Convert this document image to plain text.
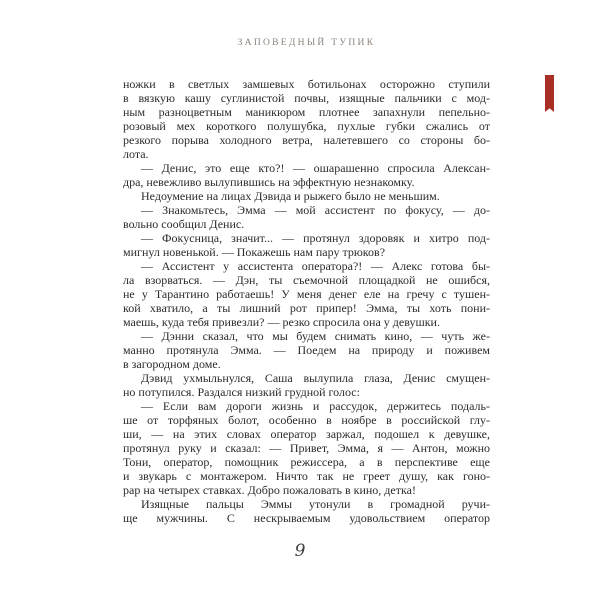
ЗАПОВЕДНЫЙ ТУПИК
ножки в светлых замшевых ботильонах осторожно ступили
в вязкую кашу суглинистой почвы, изящные пальчики с мод-
ным разноцветным маникюром плотнее запахнули пепельно-
розовый мех короткого полушубка, пухлые губки сжались от
резкого порыва холодного ветра, налетевшего со стороны бо-
лота.
— Денис, это еще кто?! — ошарашенно спросила Алексан-
дра, невежливо вылупившись на эффектную незнакомку.
Недоумение на лицах Дэвида и рыжего было не меньшим.
— Знакомьтесь, Эмма — мой ассистент по фокусу, — до-
вольно сообщил Денис.
— Фокусница, значит... — протянул здоровяк и хитро под-
мигнул новенькой. — Покажешь нам пару трюков?
— Ассистент у ассистента оператора?! — Алекс готова бы-
ла взорваться. — Дэн, ты съемочной площадкой не ошибся,
не у Тарантино работаешь! У меня денег еле на гречу с тушен-
кой хватило, а ты лишний рот припер! Эмма, ты хоть пони-
маешь, куда тебя привезли? — резко спросила она у девушки.
— Дэнни сказал, что мы будем снимать кино, — чуть же-
манно протянула Эмма. — Поедем на природу и поживем
в загородном доме.
Дэвид ухмыльнулся, Саша вылупила глаза, Денис смущен-
но потупился. Раздался низкий грудной голос:
— Если вам дороги жизнь и рассудок, держитесь подаль-
ше от торфяных болот, особенно в ноябре в российской глу-
ши, — на этих словах оператор заржал, подошел к девушке,
протянул руку и сказал: — Привет, Эмма, я — Антон, можно
Тони, оператор, помощник режиссера, а в перспективе еще
и звукарь с монтажером. Ничто так не греет душу, как гоно-
рар на четырех ставках. Добро пожаловать в кино, детка!
Изящные пальцы Эммы утонули в громадной ручи-
ще мужчины. С нескрываемым удовольствием оператор
9
